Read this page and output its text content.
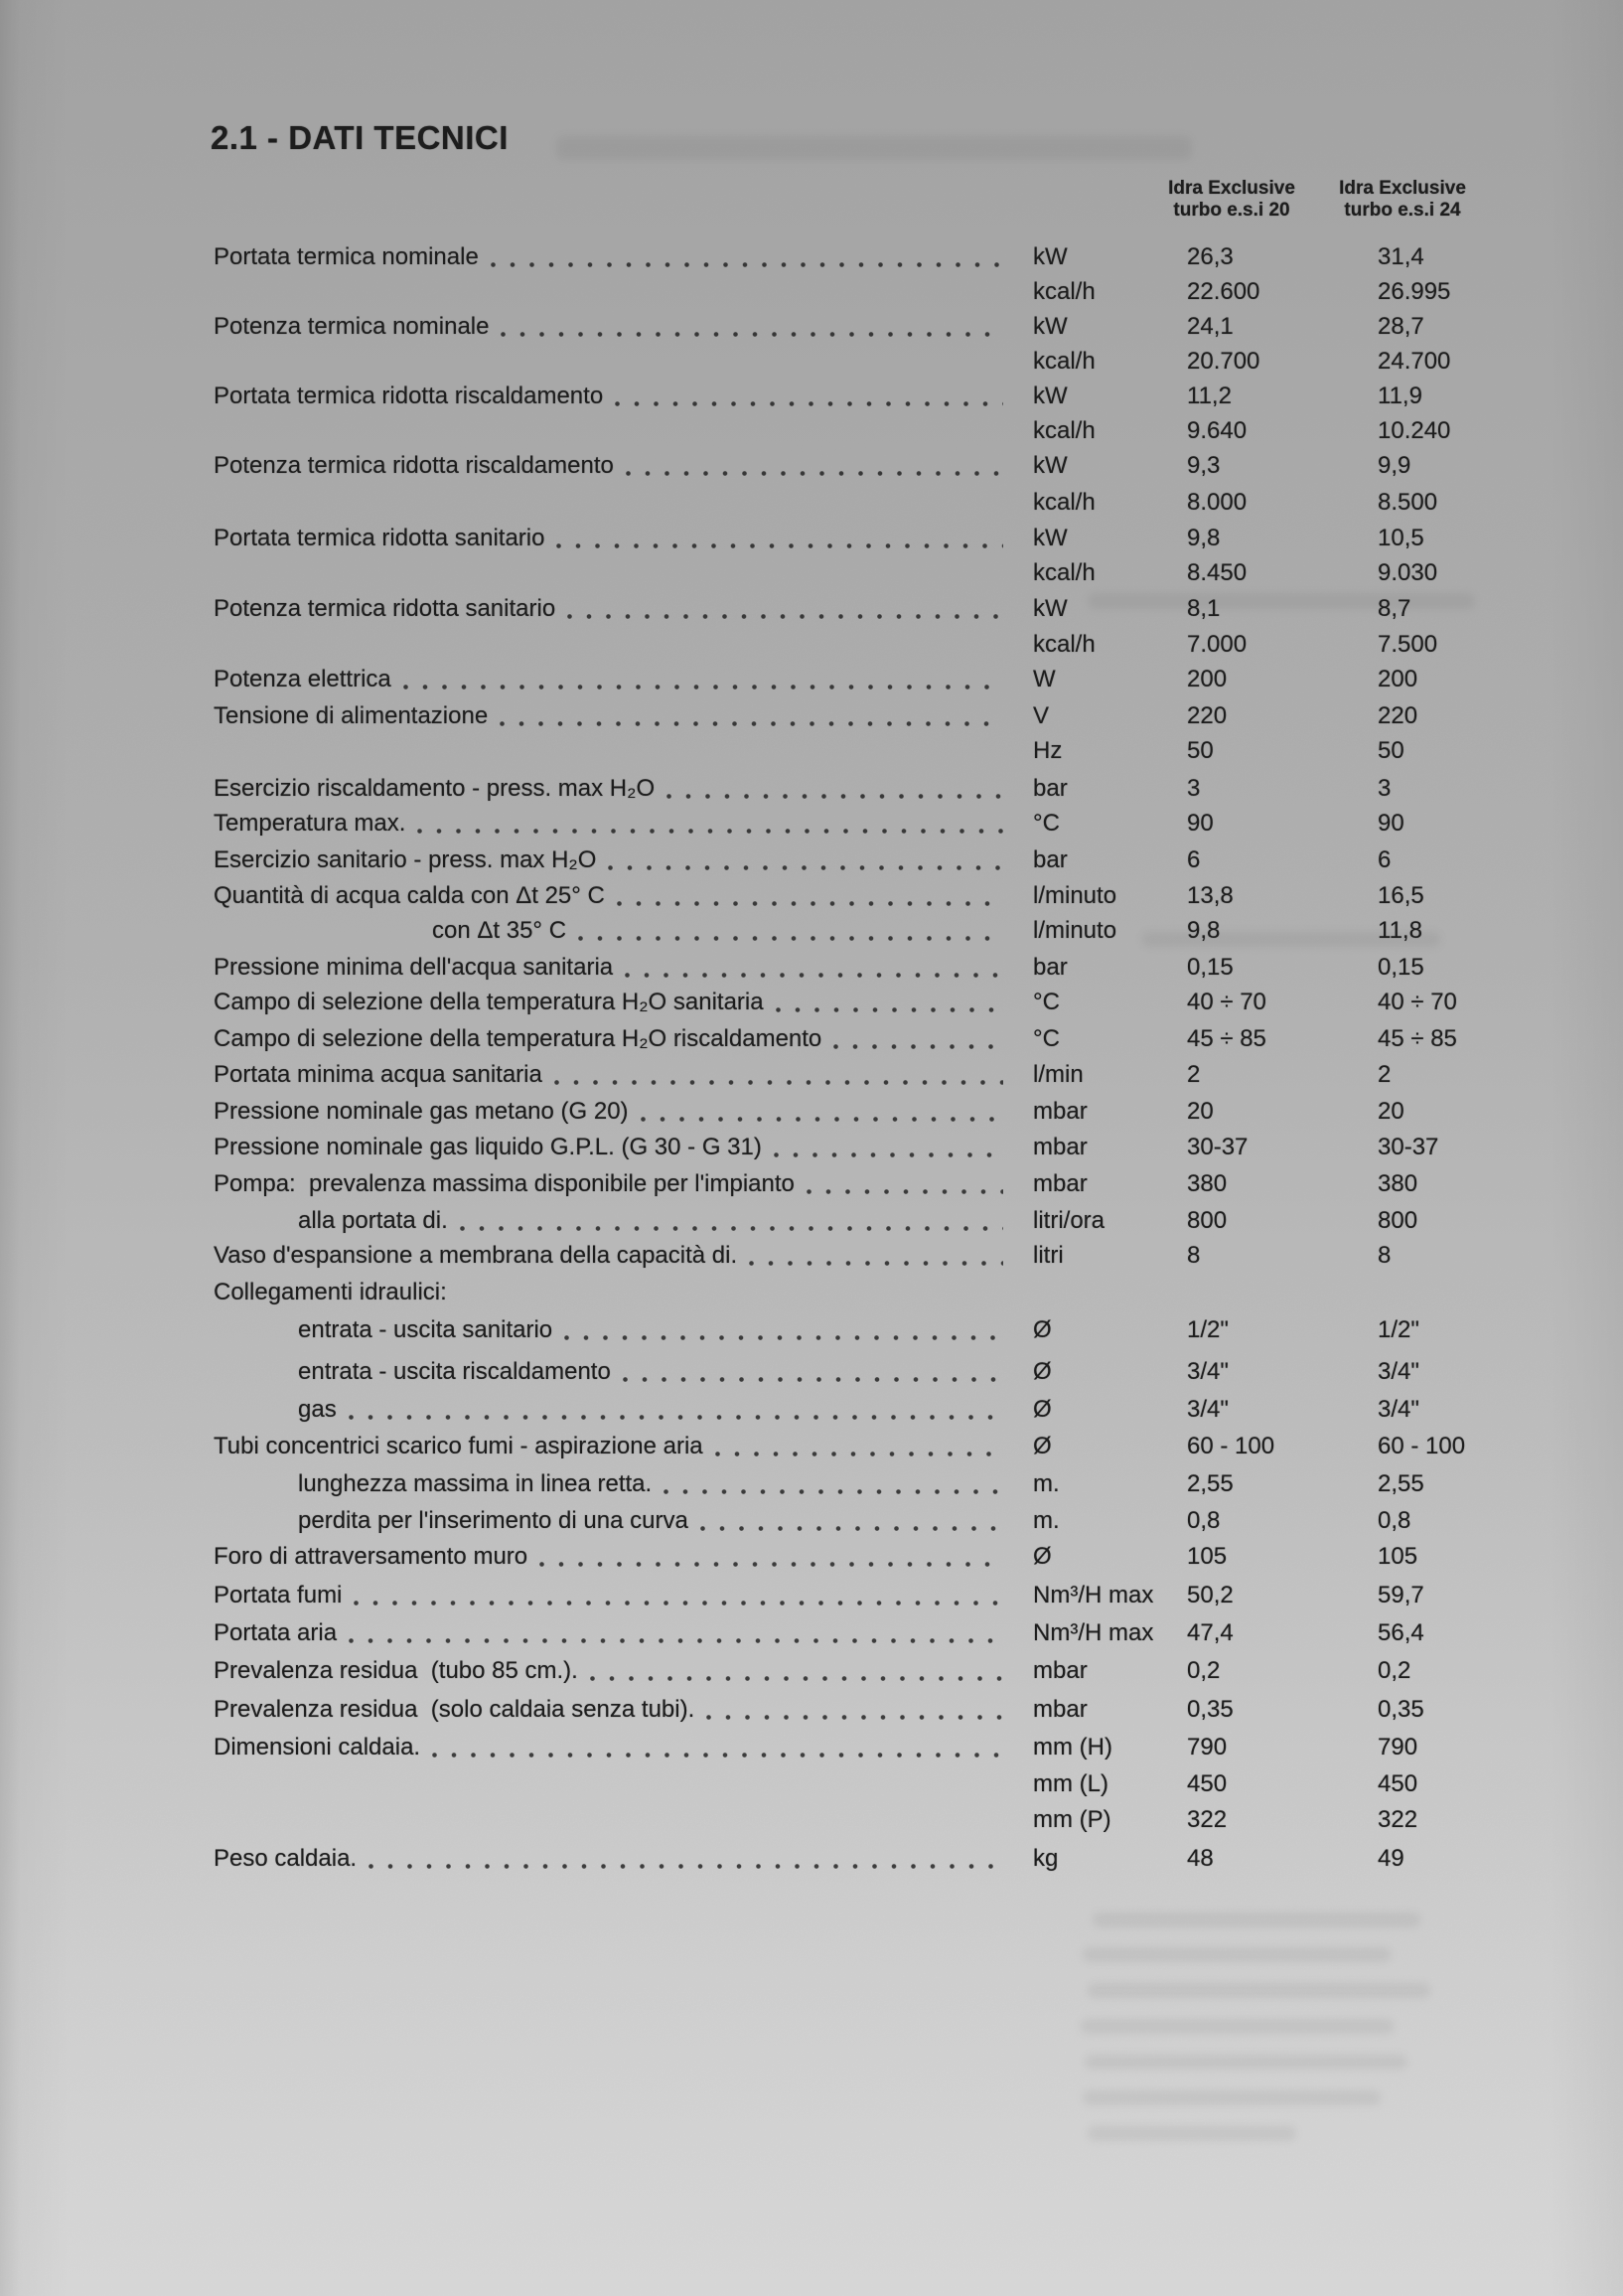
2.1 - DATI TECNICI
Idra Exclusive
turbo e.s.i 20
Idra Exclusive
turbo e.s.i 24
Portata termica nominale	kW	26,3	31,4
kcal/h	22.600	26.995
Potenza termica nominale	kW	24,1	28,7
kcal/h	20.700	24.700
Portata termica ridotta riscaldamento	kW	11,2	11,9
kcal/h	9.640	10.240
Potenza termica ridotta riscaldamento	kW	9,3	9,9
kcal/h	8.000	8.500
Portata termica ridotta sanitario	kW	9,8	10,5
kcal/h	8.450	9.030
Potenza termica ridotta sanitario	kW	8,1	8,7
kcal/h	7.000	7.500
Potenza elettrica	W	200	200
Tensione di alimentazione	V	220	220
Hz	50	50
Esercizio riscaldamento - press. max H₂O	bar	3	3
Temperatura max.	°C	90	90
Esercizio sanitario - press. max H₂O	bar	6	6
Quantità di acqua calda con Δt 25° C	l/minuto	13,8	16,5
con Δt 35° C	l/minuto	9,8	11,8
Pressione minima dell'acqua sanitaria	bar	0,15	0,15
Campo di selezione della temperatura H₂O sanitaria	°C	40 ÷ 70	40 ÷ 70
Campo di selezione della temperatura H₂O riscaldamento	°C	45 ÷ 85	45 ÷ 85
Portata minima acqua sanitaria	l/min	2	2
Pressione nominale gas metano (G 20)	mbar	20	20
Pressione nominale gas liquido G.P.L. (G 30 - G 31)	mbar	30-37	30-37
Pompa:  prevalenza massima disponibile per l'impianto	mbar	380	380
alla portata di.	litri/ora	800	800
Vaso d'espansione a membrana della capacità di.	litri	8	8
Collegamenti idraulici:
entrata - uscita sanitario	Ø	1/2"	1/2"
entrata - uscita riscaldamento	Ø	3/4"	3/4"
gas	Ø	3/4"	3/4"
Tubi concentrici scarico fumi - aspirazione aria	Ø	60 - 100	60 - 100
lunghezza massima in linea retta.	m.	2,55	2,55
perdita per l'inserimento di una curva	m.	0,8	0,8
Foro di attraversamento muro	Ø	105	105
Portata fumi	Nm³/H max	50,2	59,7
Portata aria	Nm³/H max	47,4	56,4
Prevalenza residua  (tubo 85 cm.).	mbar	0,2	0,2
Prevalenza residua  (solo caldaia senza tubi).	mbar	0,35	0,35
Dimensioni caldaia.	mm (H)	790	790
mm (L)	450	450
mm (P)	322	322
Peso caldaia.	kg	48	49
